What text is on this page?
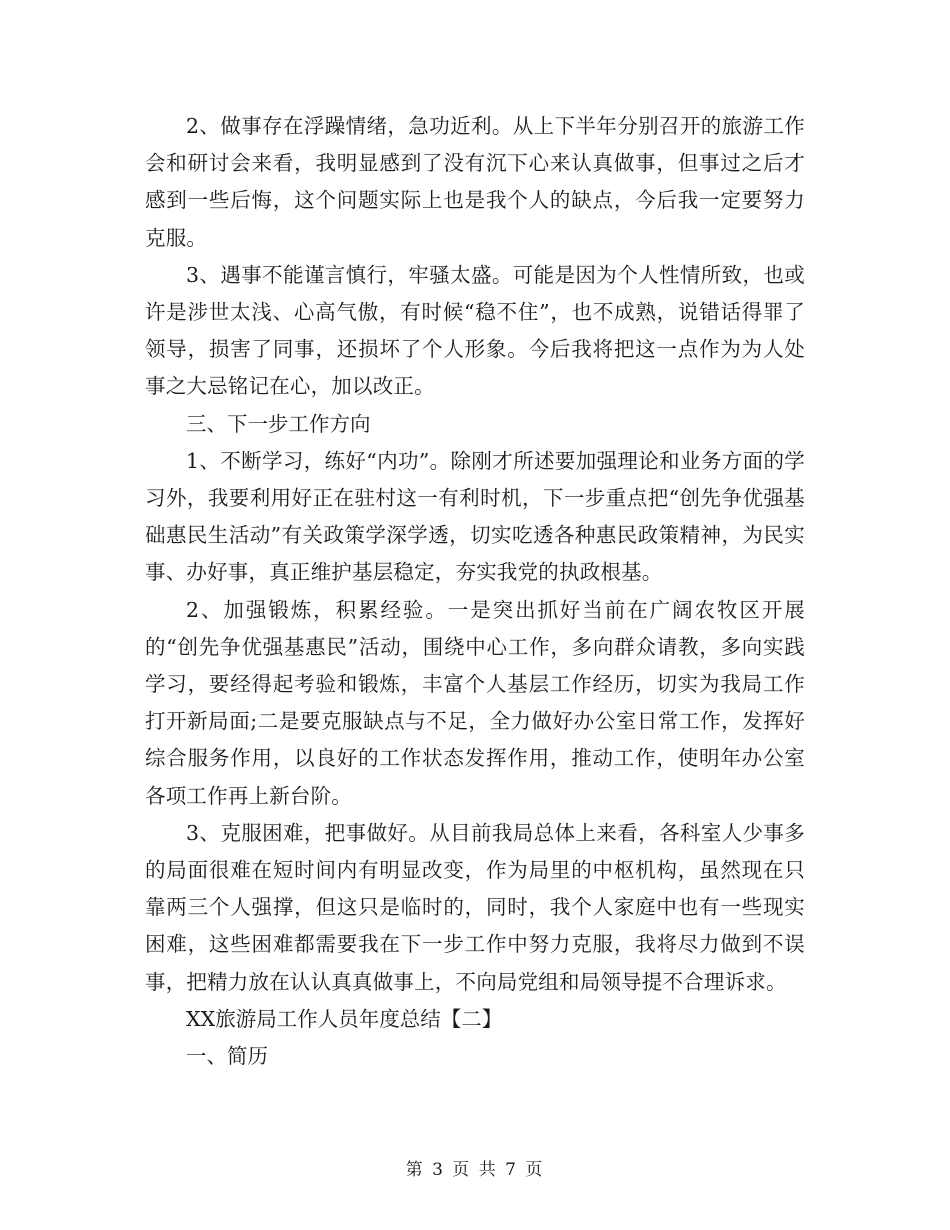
2、做事存在浮躁情绪，急功近利。从上下半年分别召开的旅游工作会和研讨会来看，我明显感到了没有沉下心来认真做事，但事过之后才感到一些后悔，这个问题实际上也是我个人的缺点，今后我一定要努力克服。

3、遇事不能谨言慎行，牢骚太盛。可能是因为个人性情所致，也或许是涉世太浅、心高气傲，有时候“稳不住”，也不成熟，说错话得罪了领导，损害了同事，还损坏了个人形象。今后我将把这一点作为为人处事之大忌铭记在心，加以改正。

三、下一步工作方向

1、不断学习，练好“内功”。除刚才所述要加强理论和业务方面的学习外，我要利用好正在驻村这一有利时机，下一步重点把“创先争优强基础惠民生活动”有关政策学深学透，切实吃透各种惠民政策精神，为民实事、办好事，真正维护基层稳定，夯实我党的执政根基。

2、加强锻炼，积累经验。一是突出抓好当前在广阔农牧区开展的“创先争优强基惠民”活动，围绕中心工作，多向群众请教，多向实践学习，要经得起考验和锻炼，丰富个人基层工作经历，切实为我局工作打开新局面;二是要克服缺点与不足，全力做好办公室日常工作，发挥好综合服务作用，以良好的工作状态发挥作用，推动工作，使明年办公室各项工作再上新台阶。

3、克服困难，把事做好。从目前我局总体上来看，各科室人少事多的局面很难在短时间内有明显改变，作为局里的中枢机构，虽然现在只靠两三个人强撑，但这只是临时的，同时，我个人家庭中也有一些现实困难，这些困难都需要我在下一步工作中努力克服，我将尽力做到不误事，把精力放在认认真真做事上，不向局党组和局领导提不合理诉求。

XX旅游局工作人员年度总结【二】

一、简历

第 3 页 共 7 页
